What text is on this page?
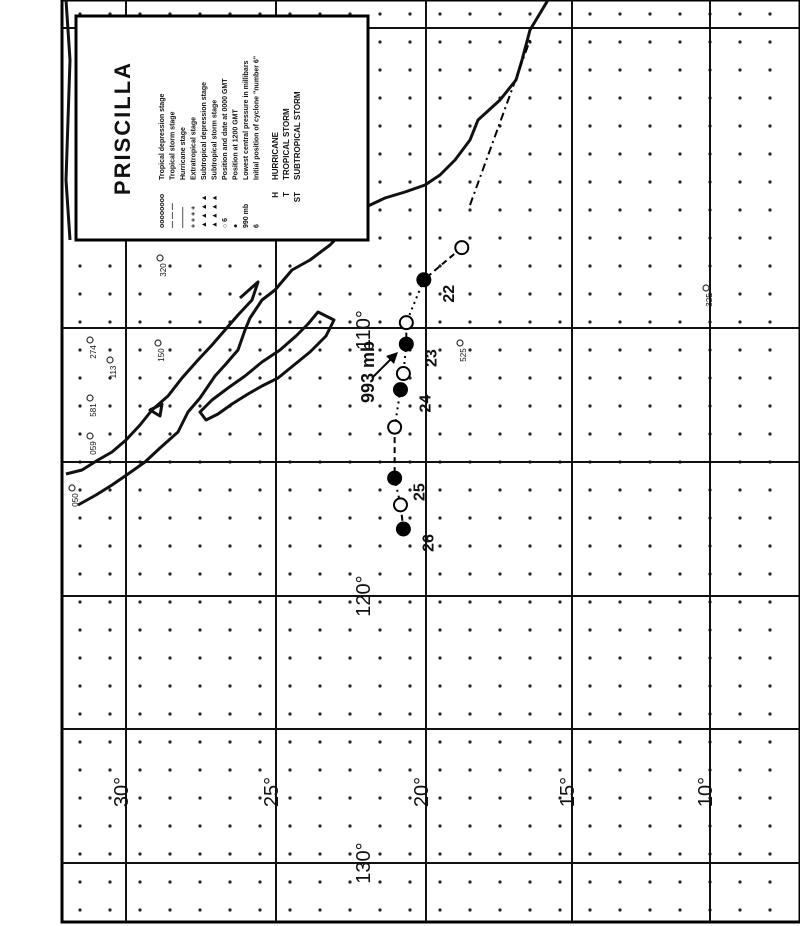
320
274
113
150
581
059
050
525
325
PRISCILLA
oooooooo
Tropical depression stage
— — —
Tropical storm stage
———
Hurricane stage
+ + + +
Extratropical stage
▲ ▲ ▲ ▲
Subtropical depression stage
▲ ▲ ▲ ▲
Subtropical storm stage
○ 6
Position and date at 0000 GMT
●
Position at 1200 GMT
990 mb
Lowest central pressure in millibars
6
Initial position of cyclone "number 6"
H
HURRICANE
T
TROPICAL STORM
ST
SUBTROPICAL STORM
22
23
24
25
26
993 mb
110°
120°
130°
30°	25°	20°	15°	10°
